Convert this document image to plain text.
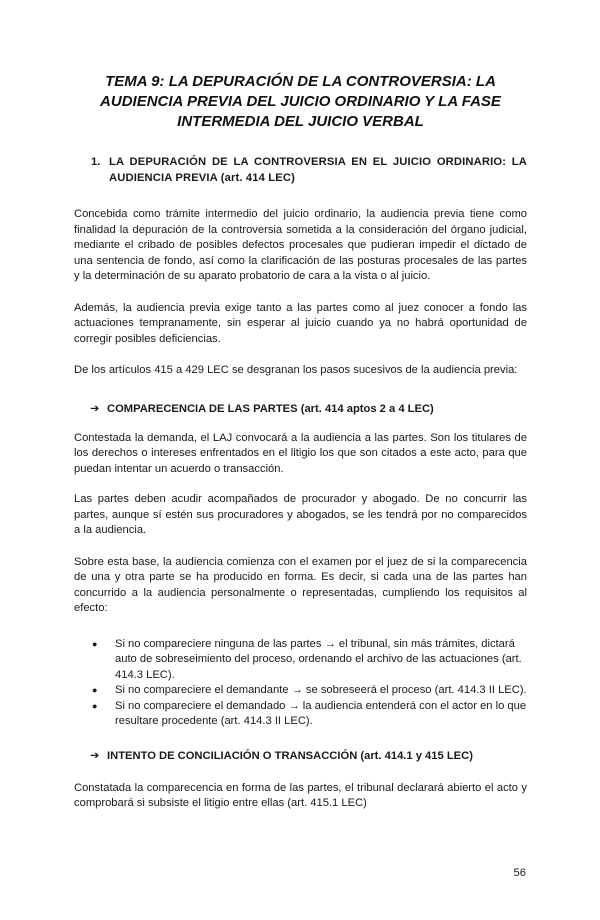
TEMA 9: LA DEPURACIÓN DE LA CONTROVERSIA: LA AUDIENCIA PREVIA DEL JUICIO ORDINARIO Y LA FASE INTERMEDIA DEL JUICIO VERBAL
1. LA DEPURACIÓN DE LA CONTROVERSIA EN EL JUICIO ORDINARIO: LA AUDIENCIA PREVIA (art. 414 LEC)

Concebida como trámite intermedio del juicio ordinario, la audiencia previa tiene como finalidad la depuración de la controversia sometida a la consideración del órgano judicial, mediante el cribado de posibles defectos procesales que pudieran impedir el dictado de una sentencia de fondo, así como la clarificación de las posturas procesales de las partes y la determinación de su aparato probatorio de cara a la vista o al juicio.

Además, la audiencia previa exige tanto a las partes como al juez conocer a fondo las actuaciones tempranamente, sin esperar al juicio cuando ya no habrá oportunidad de corregir posibles deficiencias.

De los artículos 415 a 429 LEC se desgranan los pasos sucesivos de la audiencia previa:

➔ COMPARECENCIA DE LAS PARTES (art. 414 aptos 2 a 4 LEC)

Contestada la demanda, el LAJ convocará a la audiencia a las partes. Son los titulares de los derechos o intereses enfrentados en el litigio los que son citados a este acto, para que puedan intentar un acuerdo o transacción.

Las partes deben acudir acompañados de procurador y abogado. De no concurrir las partes, aunque sí estén sus procuradores y abogados, se les tendrá por no comparecidos a la audiencia.

Sobre esta base, la audiencia comienza con el examen por el juez de si la comparecencia de una y otra parte se ha producido en forma. Es decir, si cada una de las partes han concurrido a la audiencia personalmente o representadas, cumpliendo los requisitos al efecto:

●	Si no compareciere ninguna de las partes → el tribunal, sin más trámites, dictará auto de sobreseimiento del proceso, ordenando el archivo de las actuaciones (art. 414.3 LEC).
●	Si no compareciere el demandante → se sobreseerá el proceso (art. 414.3 II LEC).
●	Si no compareciere el demandado → la audiencia entenderá con el actor en lo que resultare procedente (art. 414.3 II LEC).
➔ INTENTO DE CONCILIACIÓN O TRANSACCIÓN (art. 414.1 y 415 LEC)

Constatada la comparecencia en forma de las partes, el tribunal declarará abierto el acto y comprobará si subsiste el litigio entre ellas (art. 415.1 LEC)

56
